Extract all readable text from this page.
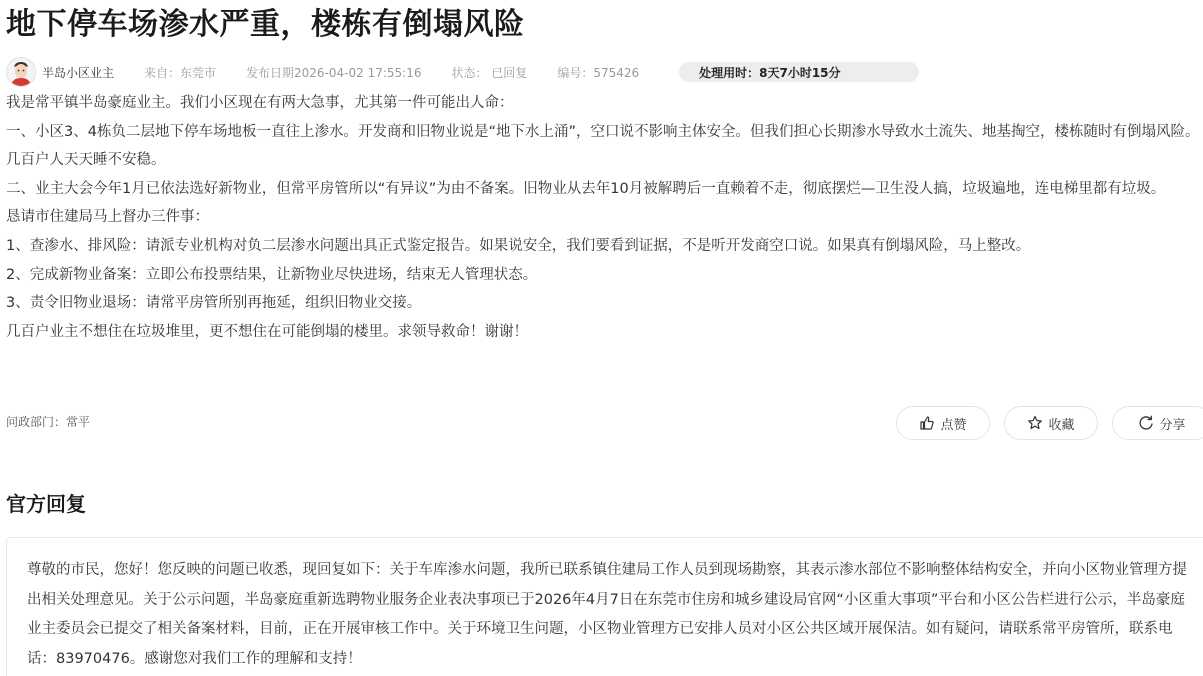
地下停车场渗水严重，楼栋有倒塌风险
半岛小区业主	来自：东莞市	发布日期2026-04-02 17:55:16	状态： 已回复	编号：575426	处理用时：8天7小时15分

我是常平镇半岛豪庭业主。我们小区现在有两大急事，尤其第一件可能出人命：

一、小区3、4栋负二层地下停车场地板一直往上渗水。开发商和旧物业说是“地下水上涌”，空口说不影响主体安全。但我们担心长期渗水导致水土流失、地基掏空，楼栋随时有倒塌风险。几百户人天天睡不安稳。

二、业主大会今年1月已依法选好新物业，但常平房管所以“有异议”为由不备案。旧物业从去年10月被解聘后一直赖着不走，彻底摆烂—卫生没人搞，垃圾遍地，连电梯里都有垃圾。

恳请市住建局马上督办三件事：

1、查渗水、排风险：请派专业机构对负二层渗水问题出具正式鉴定报告。如果说安全，我们要看到证据，不是听开发商空口说。如果真有倒塌风险，马上整改。

2、完成新物业备案：立即公布投票结果，让新物业尽快进场，结束无人管理状态。

3、责令旧物业退场：请常平房管所别再拖延，组织旧物业交接。

几百户业主不想住在垃圾堆里，更不想住在可能倒塌的楼里。求领导救命！谢谢！

问政部门：常平	点赞	收藏	分享
官方回复
尊敬的市民，您好！您反映的问题已收悉，现回复如下：关于车库渗水问题，我所已联系镇住建局工作人员到现场勘察，其表示渗水部位不影响整体结构安全，并向小区物业管理方提出相关处理意见。关于公示问题，半岛豪庭重新选聘物业服务企业表决事项已于2026年4月7日在东莞市住房和城乡建设局官网“小区重大事项”平台和小区公告栏进行公示，半岛豪庭业主委员会已提交了相关备案材料，目前，正在开展审核工作中。关于环境卫生问题，小区物业管理方已安排人员对小区公共区域开展保洁。如有疑问，请联系常平房管所，联系电话：83970476。感谢您对我们工作的理解和支持！
